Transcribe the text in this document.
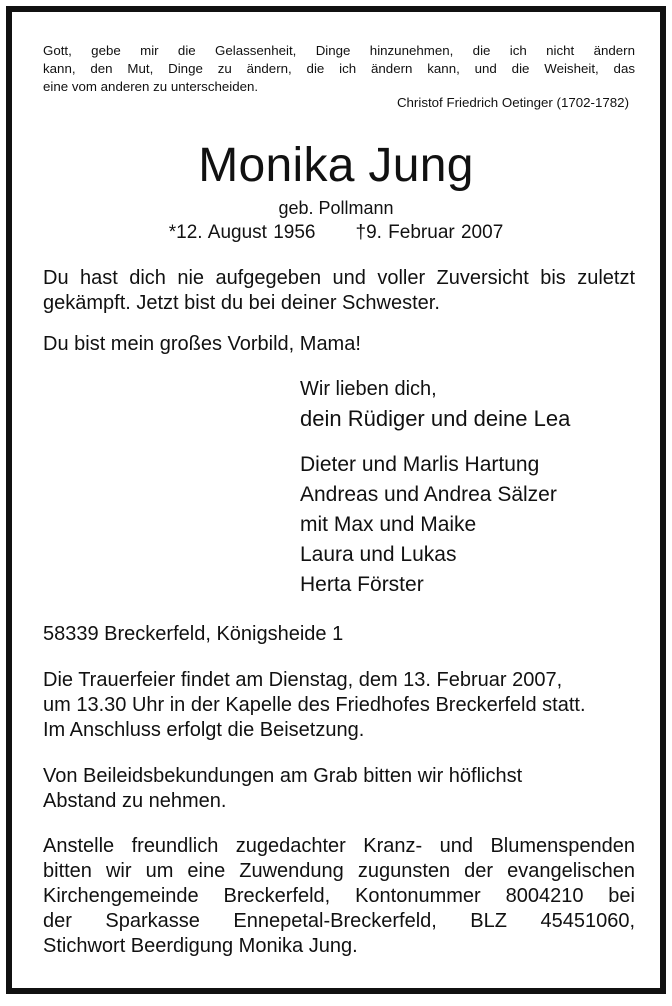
Gott, gebe mir die Gelassenheit, Dinge hinzunehmen, die ich nicht ändern
kann, den Mut, Dinge zu ändern, die ich ändern kann, und die Weisheit, das
eine vom anderen zu unterscheiden.
Christof Friedrich Oetinger (1702-1782)
Monika Jung
geb. Pollmann
*12. August 1956 †9. Februar 2007
Du hast dich nie aufgegeben und voller Zuversicht bis zuletzt
gekämpft. Jetzt bist du bei deiner Schwester.
Du bist mein großes Vorbild, Mama!
Wir lieben dich,
dein Rüdiger und deine Lea
Dieter und Marlis Hartung
Andreas und Andrea Sälzer
mit Max und Maike
Laura und Lukas
Herta Förster
58339 Breckerfeld, Königsheide 1
Die Trauerfeier findet am Dienstag, dem 13. Februar 2007,
um 13.30 Uhr in der Kapelle des Friedhofes Breckerfeld statt.
Im Anschluss erfolgt die Beisetzung.
Von Beileidsbekundungen am Grab bitten wir höflichst
Abstand zu nehmen.
Anstelle freundlich zugedachter Kranz- und Blumenspenden
bitten wir um eine Zuwendung zugunsten der evangelischen
Kirchengemeinde Breckerfeld, Kontonummer 8004210 bei
der Sparkasse Ennepetal-Breckerfeld, BLZ 45451060,
Stichwort Beerdigung Monika Jung.
